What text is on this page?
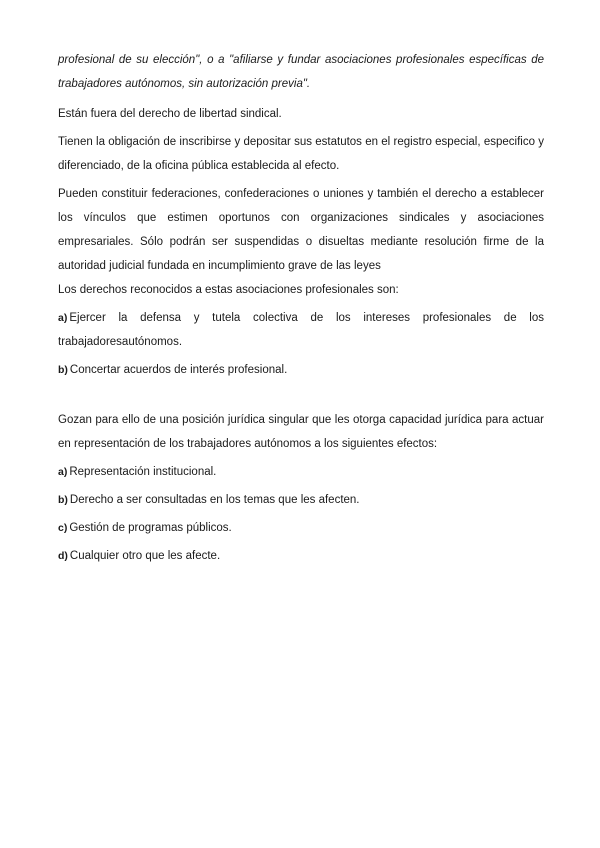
profesional de su elección", o a "afiliarse y fundar asociaciones profesionales específicas de trabajadores autónomos, sin autorización previa".

Están fuera del derecho de libertad sindical.

Tienen la obligación de inscribirse y depositar sus estatutos en el registro especial, especifico y diferenciado, de la oficina pública establecida al efecto.

Pueden constituir federaciones, confederaciones o uniones y también el derecho a establecer los vínculos que estimen oportunos con organizaciones sindicales y asociaciones empresariales. Sólo podrán ser suspendidas o disueltas mediante resolución firme de la autoridad judicial fundada en incumplimiento grave de las leyes

Los derechos reconocidos a estas asociaciones profesionales son:

a) Ejercer la defensa y tutela colectiva de los intereses profesionales de los trabajadoresautónomos.

b) Concertar acuerdos de interés profesional.

Gozan para ello de una posición jurídica singular que les otorga capacidad jurídica para actuar en representación de los trabajadores autónomos a los siguientes efectos:

a) Representación institucional.

b) Derecho a ser consultadas en los temas que les afecten.

c) Gestión de programas públicos.

d) Cualquier otro que les afecte.
